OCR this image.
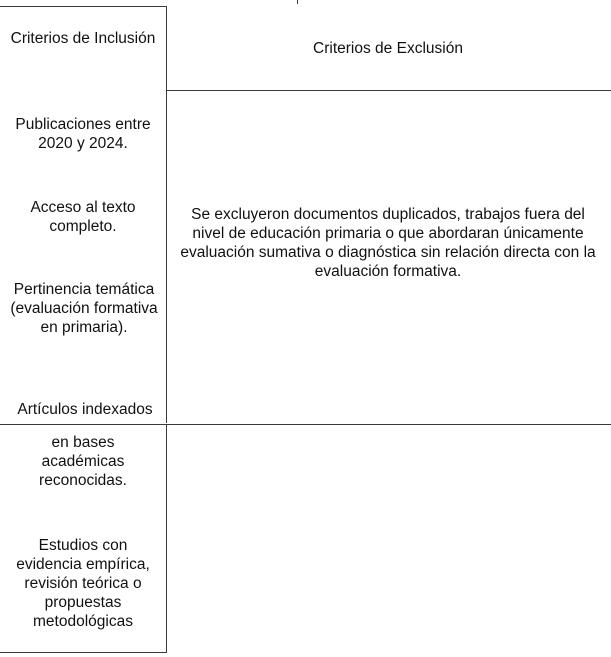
Criterios de Inclusión
Criterios de Exclusión
Publicaciones entre 2020 y 2024.
Acceso al texto completo.
Pertinencia temática (evaluación formativa en primaria).
Artículos indexados
en bases académicas reconocidas.
Estudios con evidencia empírica, revisión teórica o propuestas metodológicas
Se excluyeron documentos duplicados, trabajos fuera del nivel de educación primaria o que abordaran únicamente evaluación sumativa o diagnóstica sin relación directa con la evaluación formativa.
